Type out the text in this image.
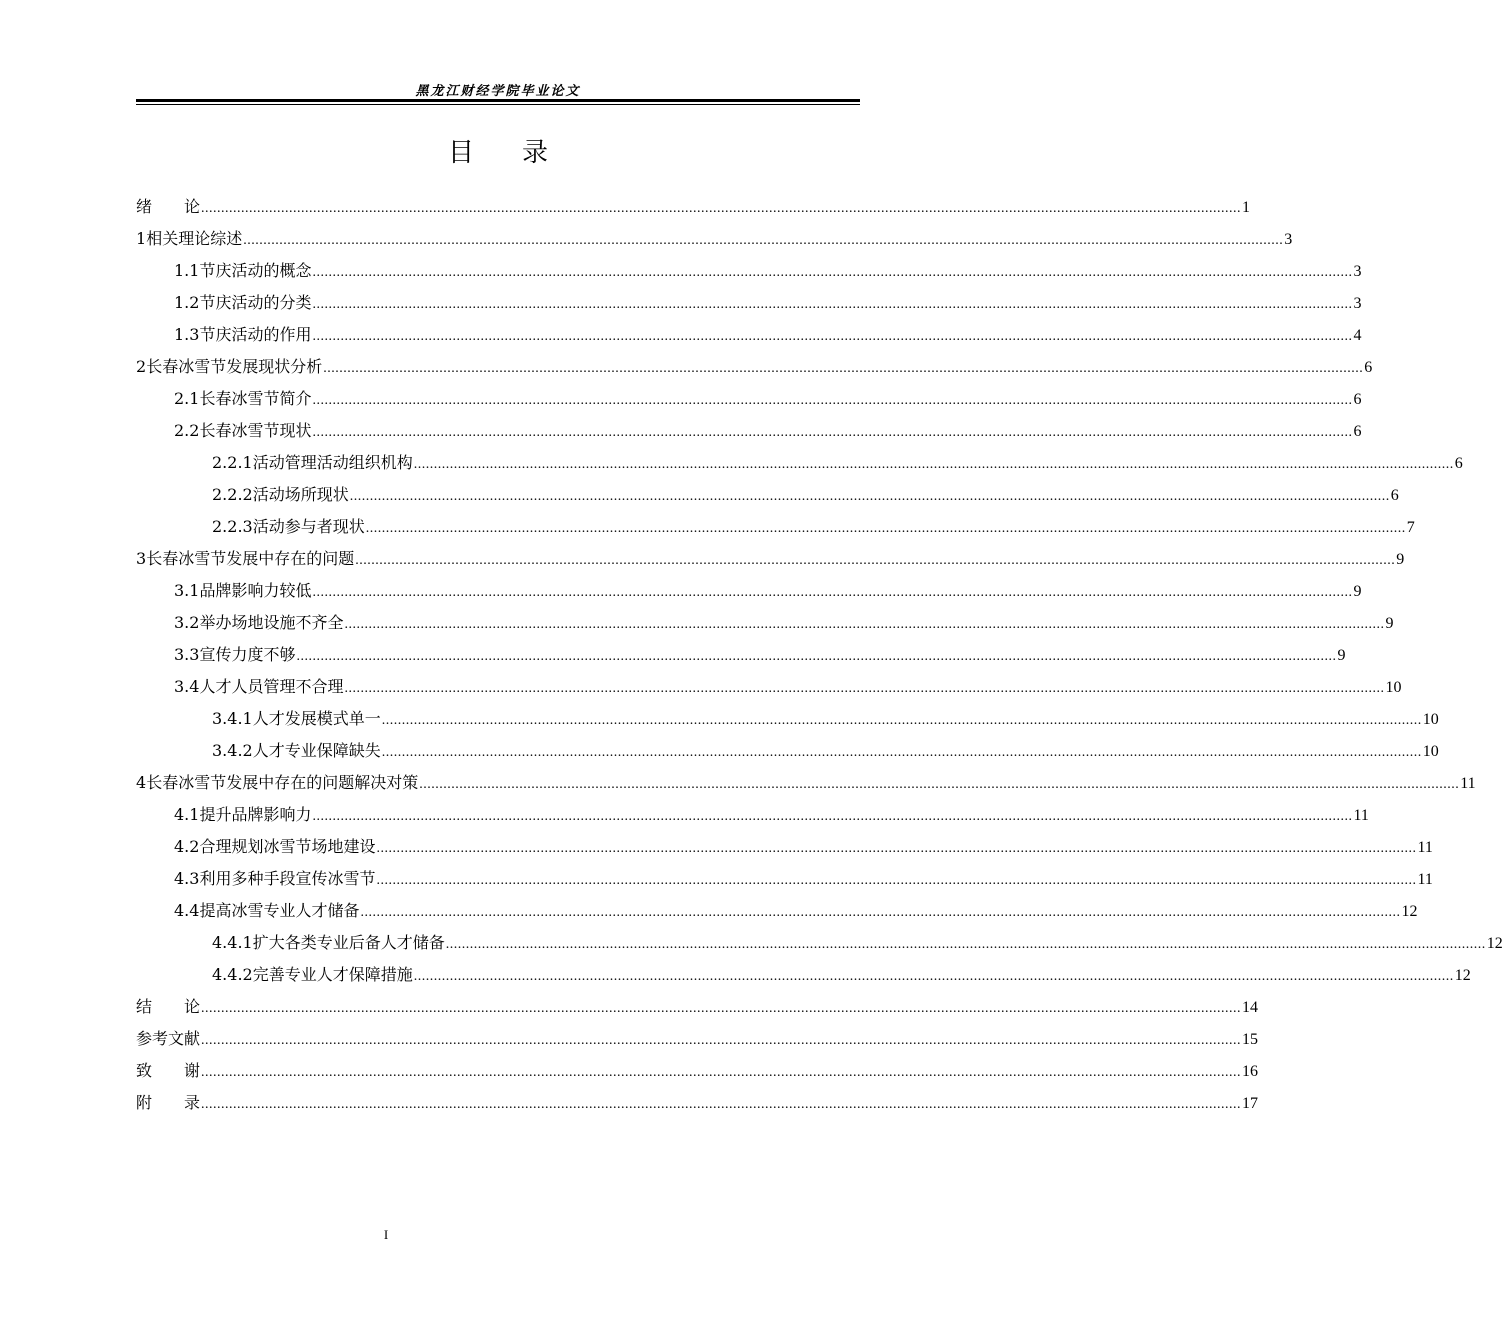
黑龙江财经学院毕业论文
目 录
绪　　论 .................................................................................................................................................................................................................................................................... 1
1 相关理论综述 .................................................................................................................................................................................................................................................................... 3
1.1 节庆活动的概念 .................................................................................................................................................................................................................................................................... 3
1.2 节庆活动的分类 .................................................................................................................................................................................................................................................................... 3
1.3 节庆活动的作用 .................................................................................................................................................................................................................................................................... 4
2 长春冰雪节发展现状分析 .................................................................................................................................................................................................................................................................... 6
2.1 长春冰雪节简介 .................................................................................................................................................................................................................................................................... 6
2.2 长春冰雪节现状 .................................................................................................................................................................................................................................................................... 6
2.2.1 活动管理活动组织机构 .................................................................................................................................................................................................................................................................... 6
2.2.2 活动场所现状 .................................................................................................................................................................................................................................................................... 6
2.2.3 活动参与者现状 .................................................................................................................................................................................................................................................................... 7
3 长春冰雪节发展中存在的问题 .................................................................................................................................................................................................................................................................... 9
3.1 品牌影响力较低 .................................................................................................................................................................................................................................................................... 9
3.2 举办场地设施不齐全 .................................................................................................................................................................................................................................................................... 9
3.3 宣传力度不够 .................................................................................................................................................................................................................................................................... 9
3.4 人才人员管理不合理 .................................................................................................................................................................................................................................................................... 10
3.4.1 人才发展模式单一 .................................................................................................................................................................................................................................................................... 10
3.4.2 人才专业保障缺失 .................................................................................................................................................................................................................................................................... 10
4 长春冰雪节发展中存在的问题解决对策 .................................................................................................................................................................................................................................................................... 11
4.1 提升品牌影响力 .................................................................................................................................................................................................................................................................... 11
4.2 合理规划冰雪节场地建设 .................................................................................................................................................................................................................................................................... 11
4.3 利用多种手段宣传冰雪节 .................................................................................................................................................................................................................................................................... 11
4.4 提高冰雪专业人才储备 .................................................................................................................................................................................................................................................................... 12
4.4.1 扩大各类专业后备人才储备 .................................................................................................................................................................................................................................................................... 12
4.4.2 完善专业人才保障措施 .................................................................................................................................................................................................................................................................... 12
结　　论 .................................................................................................................................................................................................................................................................... 14
参考文献 .................................................................................................................................................................................................................................................................... 15
致　　谢 .................................................................................................................................................................................................................................................................... 16
附　　录 .................................................................................................................................................................................................................................................................... 17
I
